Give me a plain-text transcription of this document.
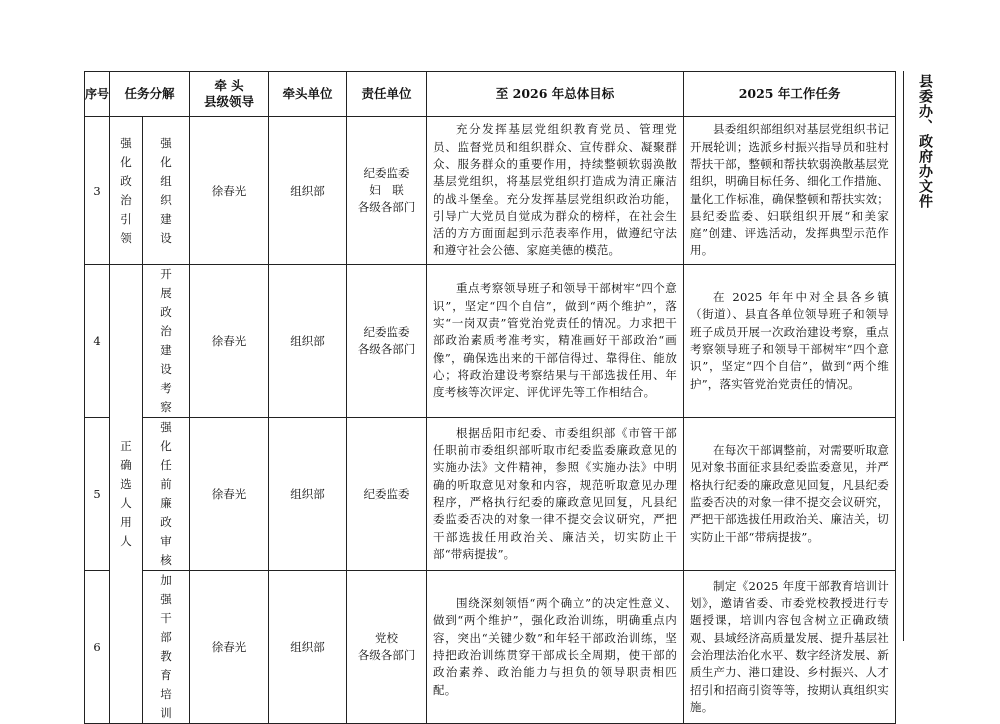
县委办、政府办文件
序号	任务分解		牵 头
县级领导	牵头单位	责任单位	至 2026 年总体目标	2025 年工作任务
3	强化政治引领	强化组织建设	徐春光	组织部	纪委监委
妇　联
各级各部门	充分发挥基层党组织教育党员、管理党员、监督党员和组织群众、宣传群众、凝聚群众、服务群众的重要作用，持续整顿软弱涣散基层党组织，将基层党组织打造成为清正廉洁的战斗堡垒。充分发挥基层党组织政治功能，引导广大党员自觉成为群众的榜样，在社会生活的方方面面起到示范表率作用，做遵纪守法和遵守社会公德、家庭美德的模范。	县委组织部组织对基层党组织书记开展轮训；选派乡村振兴指导员和驻村帮扶干部，整顿和帮扶软弱涣散基层党组织，明确目标任务、细化工作措施、量化工作标准，确保整顿和帮扶实效；县纪委监委、妇联组织开展“和美家庭”创建、评选活动，发挥典型示范作用。
4	正确选人用人	开展政治建设考察	徐春光	组织部	纪委监委
各级各部门	重点考察领导班子和领导干部树牢“四个意识”，坚定“四个自信”，做到“两个维护”，落实“一岗双责”管党治党责任的情况。力求把干部政治素质考准考实，精准画好干部政治“画像”，确保选出来的干部信得过、靠得住、能放心；将政治建设考察结果与干部选拔任用、年度考核等次评定、评优评先等工作相结合。	在 2025 年年中对全县各乡镇（街道）、县直各单位领导班子和领导班子成员开展一次政治建设考察，重点考察领导班子和领导干部树牢“四个意识”，坚定“四个自信”，做到“两个维护”，落实管党治党责任的情况。
5		强化任前廉政审核	徐春光	组织部	纪委监委	根据岳阳市纪委、市委组织部《市管干部任职前市委组织部听取市纪委监委廉政意见的实施办法》文件精神，参照《实施办法》中明确的听取意见对象和内容，规范听取意见办理程序，严格执行纪委的廉政意见回复，凡县纪委监委否决的对象一律不提交会议研究，严把干部选拔任用政治关、廉洁关，切实防止干部“带病提拔”。	在每次干部调整前，对需要听取意见对象书面征求县纪委监委意见，并严格执行纪委的廉政意见回复，凡县纪委监委否决的对象一律不提交会议研究，严把干部选拔任用政治关、廉洁关，切实防止干部“带病提拔”。
6		加强干部教育培训	徐春光	组织部	党校
各级各部门	围绕深刻领悟“两个确立”的决定性意义、做到“两个维护”，强化政治训练，明确重点内容，突出“关键少数”和年轻干部政治训练，坚持把政治训练贯穿干部成长全周期，使干部的政治素养、政治能力与担负的领导职责相匹配。	制定《2025 年度干部教育培训计划》，邀请省委、市委党校教授进行专题授课，培训内容包含树立正确政绩观、县域经济高质量发展、提升基层社会治理法治化水平、数字经济发展、新质生产力、港口建设、乡村振兴、人才招引和招商引资等等，按期认真组织实施。
